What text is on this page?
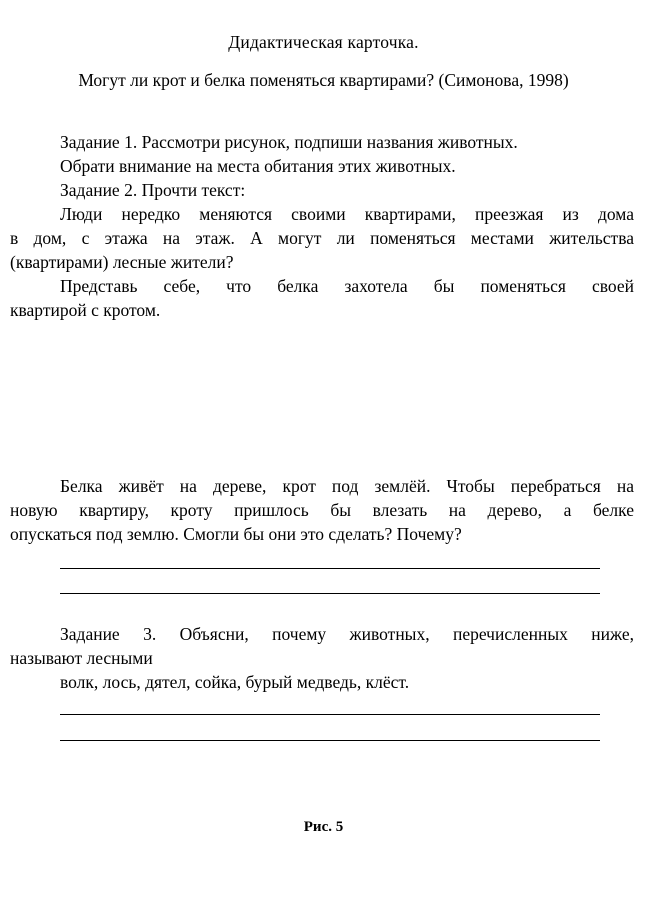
Дидактическая карточка.
Могут ли крот и белка поменяться квартирами? (Симонова, 1998)
Задание 1. Рассмотри рисунок, подпиши названия животных.
Обрати внимание на места обитания этих животных.
Задание 2. Прочти текст:
Люди нередко меняются своими квартирами, преезжая из дома
в дом, с этажа на этаж. А могут ли поменяться местами жительства
(квартирами) лесные жители?
Представь себе, что белка захотела бы поменяться своей
квартирой с кротом.
Белка живёт на дереве, крот под землёй. Чтобы перебраться на
новую квартиру, кроту пришлось бы влезать на дерево, а белке
опускаться под землю. Смогли бы они это сделать? Почему?
Задание 3. Объясни, почему животных, перечисленных ниже,
называют лесными
волк, лось, дятел, сойка, бурый медведь, клёст.
Рис. 5
